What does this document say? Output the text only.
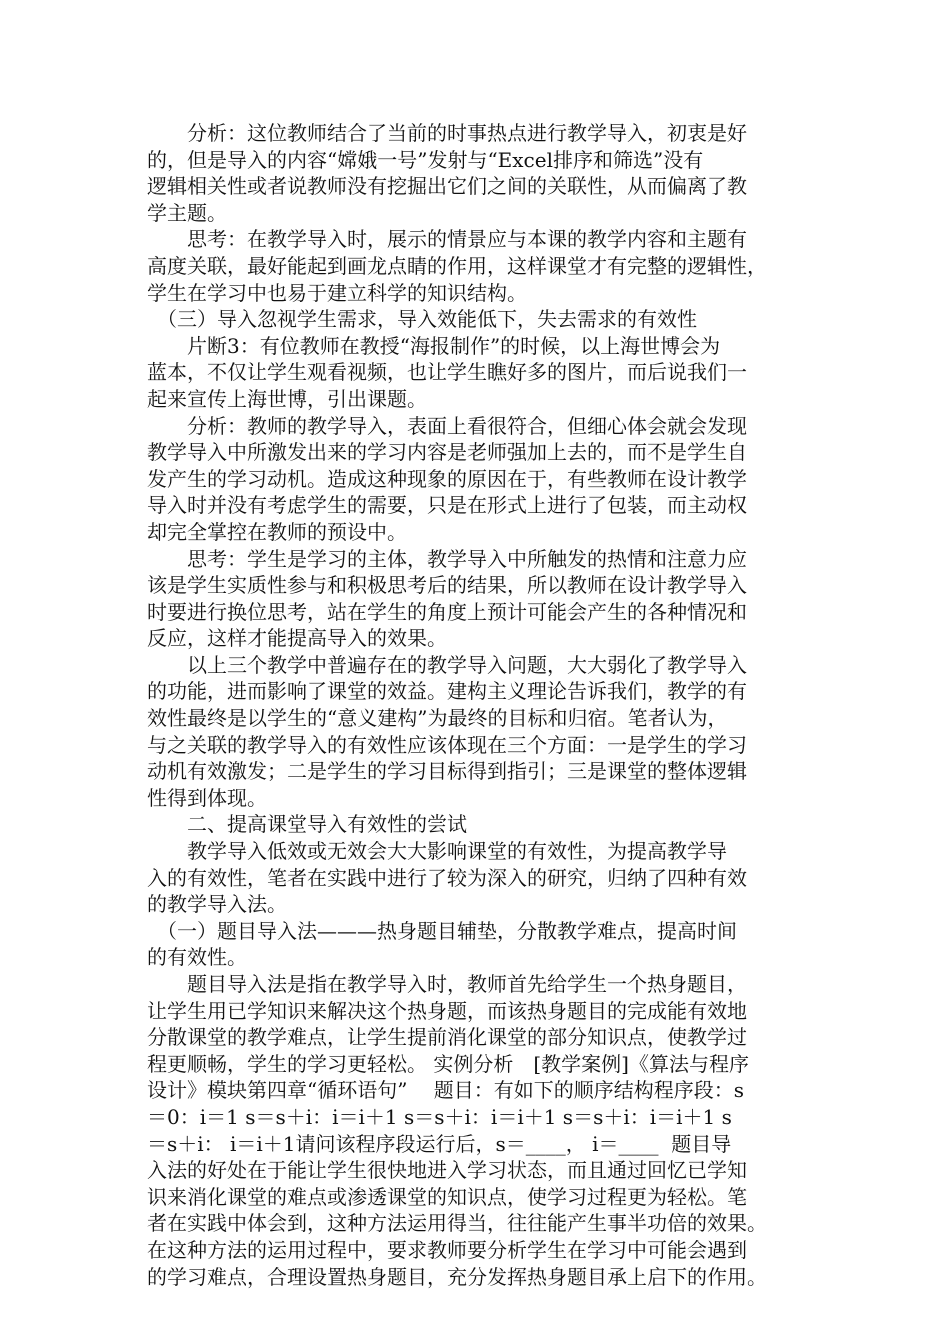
　　分析：这位教师结合了当前的时事热点进行教学导入，初衷是好
的，但是导入的内容“嫦娥一号”发射与“Excel排序和筛选”没有
逻辑相关性或者说教师没有挖掘出它们之间的关联性，从而偏离了教
学主题。
　　思考：在教学导入时，展示的情景应与本课的教学内容和主题有
高度关联，最好能起到画龙点睛的作用，这样课堂才有完整的逻辑性，
学生在学习中也易于建立科学的知识结构。
　（三）导入忽视学生需求，导入效能低下，失去需求的有效性
　　片断3：有位教师在教授“海报制作”的时候，以上海世博会为
蓝本，不仅让学生观看视频，也让学生瞧好多的图片，而后说我们一
起来宣传上海世博，引出课题。
　　分析：教师的教学导入，表面上看很符合，但细心体会就会发现
教学导入中所激发出来的学习内容是老师强加上去的，而不是学生自
发产生的学习动机。造成这种现象的原因在于，有些教师在设计教学
导入时并没有考虑学生的需要，只是在形式上进行了包装，而主动权
却完全掌控在教师的预设中。
　　思考：学生是学习的主体，教学导入中所触发的热情和注意力应
该是学生实质性参与和积极思考后的结果，所以教师在设计教学导入
时要进行换位思考，站在学生的角度上预计可能会产生的各种情况和
反应，这样才能提高导入的效果。
　　以上三个教学中普遍存在的教学导入问题，大大弱化了教学导入
的功能，进而影响了课堂的效益。建构主义理论告诉我们，教学的有
效性最终是以学生的“意义建构”为最终的目标和归宿。笔者认为，
与之关联的教学导入的有效性应该体现在三个方面：一是学生的学习
动机有效激发；二是学生的学习目标得到指引；三是课堂的整体逻辑
性得到体现。
　　二、提高课堂导入有效性的尝试
　　教学导入低效或无效会大大影响课堂的有效性，为提高教学导
入的有效性，笔者在实践中进行了较为深入的研究，归纳了四种有效
的教学导入法。
　（一）题目导入法———热身题目辅垫，分散教学难点，提高时间
的有效性。
　　题目导入法是指在教学导入时，教师首先给学生一个热身题目，
让学生用已学知识来解决这个热身题，而该热身题目的完成能有效地
分散课堂的教学难点，让学生提前消化课堂的部分知识点，使教学过
程更顺畅，学生的学习更轻松。 实例分析　[教学案例]《算法与程序
设计》模块第四章“循环语句”　 题目：有如下的顺序结构程序段：s
＝0：i＝1 s＝s＋i：i＝i＋1 s＝s＋i：i＝i＋1 s＝s＋i：i＝i＋1 s
＝s＋i： i＝i＋1请问该程序段运行后，s＝____， i＝____  题目导
入法的好处在于能让学生很快地进入学习状态，而且通过回忆已学知
识来消化课堂的难点或渗透课堂的知识点，使学习过程更为轻松。笔
者在实践中体会到，这种方法运用得当，往往能产生事半功倍的效果。
在这种方法的运用过程中，要求教师要分析学生在学习中可能会遇到
的学习难点，合理设置热身题目，充分发挥热身题目承上启下的作用。
